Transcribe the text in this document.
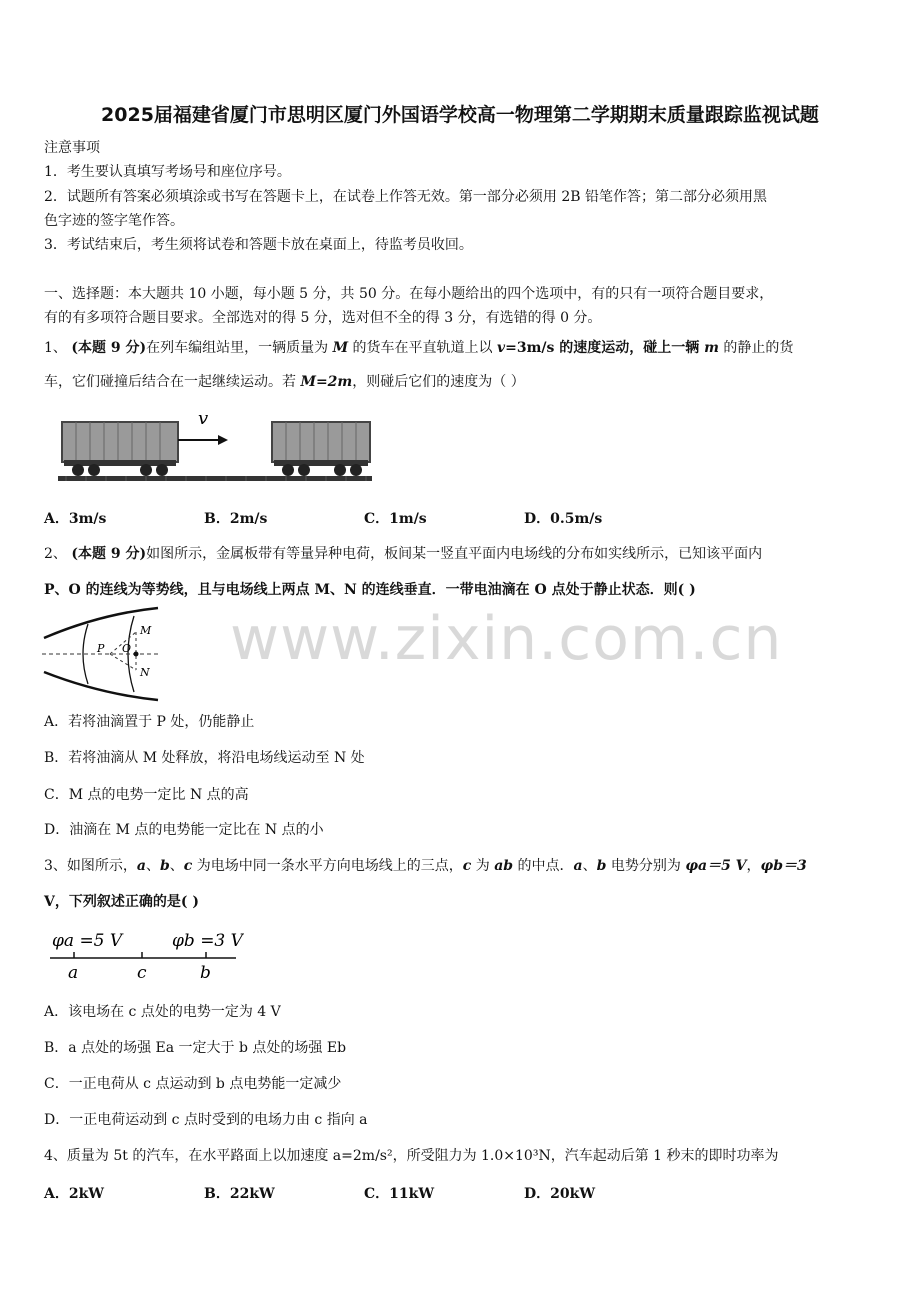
www.zixin.com.cn
2025届福建省厦门市思明区厦门外国语学校高一物理第二学期期末质量跟踪监视试题
注意事项
1．考生要认真填写考场号和座位序号。
2．试题所有答案必须填涂或书写在答题卡上，在试卷上作答无效。第一部分必须用 2B 铅笔作答；第二部分必须用黑
色字迹的签字笔作答。
3．考试结束后，考生须将试卷和答题卡放在桌面上，待监考员收回。
一、选择题：本大题共 10 小题，每小题 5 分，共 50 分。在每小题给出的四个选项中，有的只有一项符合题目要求，
有的有多项符合题目要求。全部选对的得 5 分，选对但不全的得 3 分，有选错的得 0 分。
1、 (本题 9 分)在列车编组站里，一辆质量为 M 的货车在平直轨道上以 v=3m/s 的速度运动，碰上一辆 m 的静止的货
车，它们碰撞后结合在一起继续运动。若 M=2m，则碰后它们的速度为（ ）
v
A．3m/s	B．2m/s	C．1m/s	D．0.5m/s
2、 (本题 9 分)如图所示，金属板带有等量异种电荷，板间某一竖直平面内电场线的分布如实线所示，已知该平面内
P、O 的连线为等势线，且与电场线上两点 M、N 的连线垂直．一带电油滴在 O 点处于静止状态．则( )
M
N
P O
A．若将油滴置于 P 处，仍能静止
B．若将油滴从 M 处释放，将沿电场线运动至 N 处
C．M 点的电势一定比 N 点的高
D．油滴在 M 点的电势能一定比在 N 点的小
3、如图所示，a、b、c 为电场中同一条水平方向电场线上的三点，c 为 ab 的中点．a、b 电势分别为 φa＝5 V，φb＝3
V，下列叙述正确的是( )
φa =5 V	φb =3 V
a	c	b
A．该电场在 c 点处的电势一定为 4 V
B．a 点处的场强 Ea 一定大于 b 点处的场强 Eb
C．一正电荷从 c 点运动到 b 点电势能一定减少
D．一正电荷运动到 c 点时受到的电场力由 c 指向 a
4、质量为 5t 的汽车，在水平路面上以加速度 a=2m/s²，所受阻力为 1.0×10³N，汽车起动后第 1 秒末的即时功率为
A．2kW	B．22kW	C．11kW	D．20kW
